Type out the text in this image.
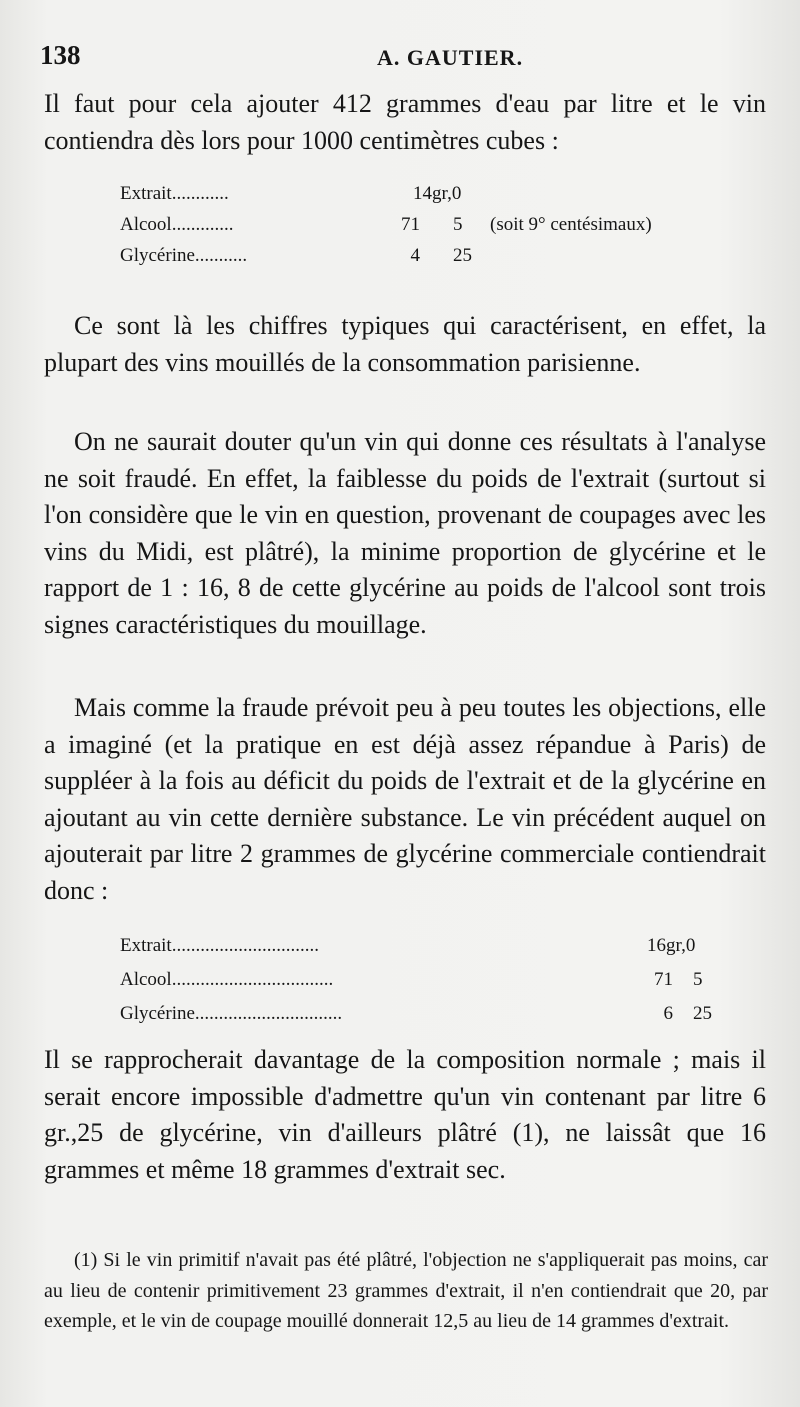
138	A. GAUTIER.

Il faut pour cela ajouter 412 grammes d'eau par litre et le vin contiendra dès lors pour 1000 centimètres cubes :

Extrait............	14gr,0
Alcool.............	71 5 (soit 9° centésimaux)
Glycérine...........	4 25

Ce sont là les chiffres typiques qui caractérisent, en effet, la plupart des vins mouillés de la consommation parisienne.

On ne saurait douter qu'un vin qui donne ces résultats à l'analyse ne soit fraudé. En effet, la faiblesse du poids de l'extrait (surtout si l'on considère que le vin en question, provenant de coupages avec les vins du Midi, est plâtré), la minime proportion de glycérine et le rapport de 1 : 16, 8 de cette glycérine au poids de l'alcool sont trois signes caractéristiques du mouillage.

Mais comme la fraude prévoit peu à peu toutes les objections, elle a imaginé (et la pratique en est déjà assez répandue à Paris) de suppléer à la fois au déficit du poids de l'extrait et de la glycérine en ajoutant au vin cette dernière substance. Le vin précédent auquel on ajouterait par litre 2 grammes de glycérine commerciale contiendrait donc :

Extrait...............................	16gr,0
Alcool..................................	71 5
Glycérine...............................	6 25

Il se rapprocherait davantage de la composition normale ; mais il serait encore impossible d'admettre qu'un vin contenant par litre 6 gr.,25 de glycérine, vin d'ailleurs plâtré (1), ne laissât que 16 grammes et même 18 grammes d'extrait sec.

(1) Si le vin primitif n'avait pas été plâtré, l'objection ne s'appliquerait pas moins, car au lieu de contenir primitivement 23 grammes d'extrait, il n'en contiendrait que 20, par exemple, et le vin de coupage mouillé donnerait 12,5 au lieu de 14 grammes d'extrait.
